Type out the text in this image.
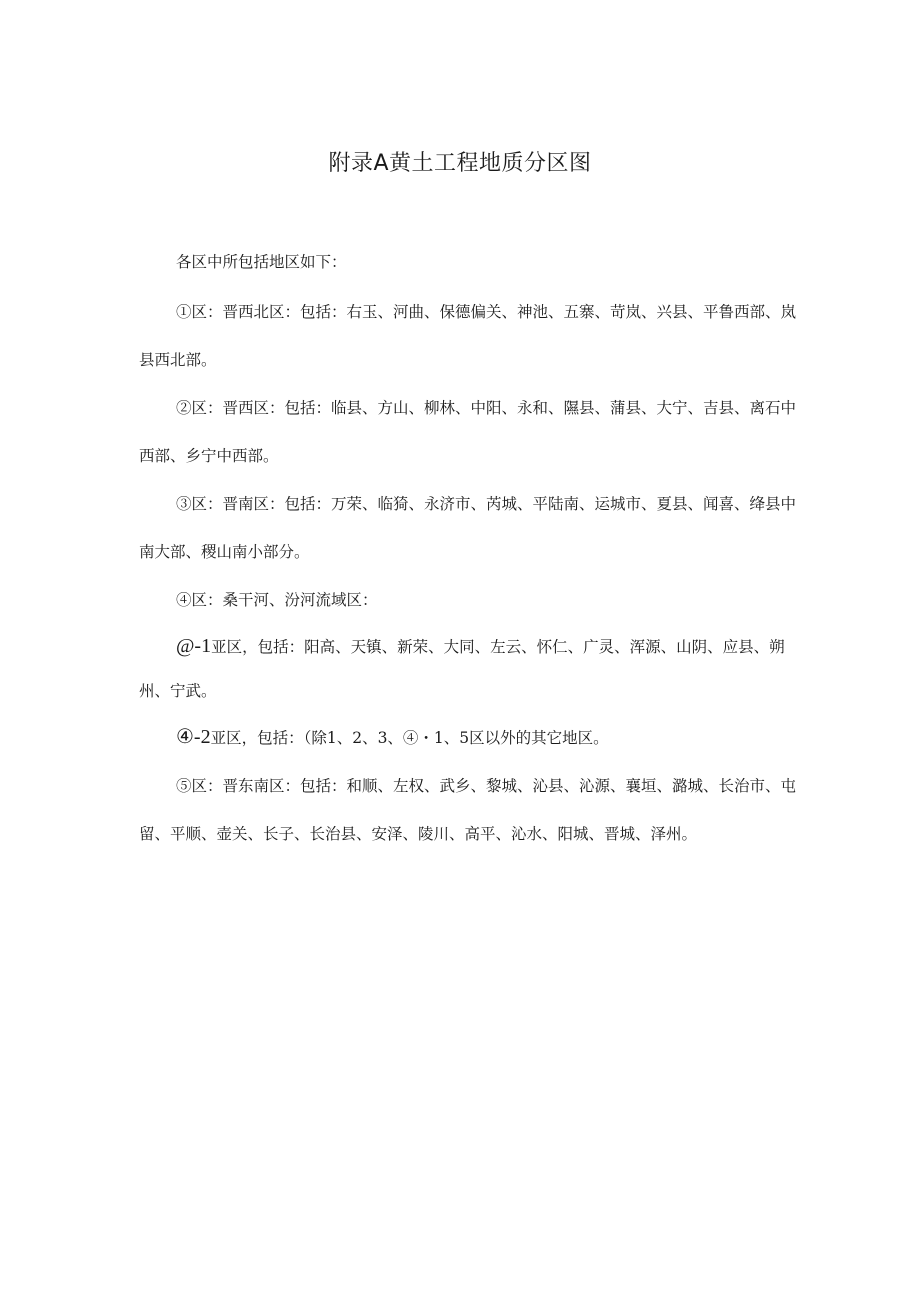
附录A黄土工程地质分区图

各区中所包括地区如下：

①区：晋西北区：包括：右玉、河曲、保德偏关、神池、五寨、苛岚、兴县、平鲁西部、岚县西北部。

②区：晋西区：包括：临县、方山、柳林、中阳、永和、隰县、蒲县、大宁、吉县、离石中西部、乡宁中西部。

③区：晋南区：包括：万荣、临猗、永济市、芮城、平陆南、运城市、夏县、闻喜、绛县中南大部、稷山南小部分。

④区：桑干河、汾河流域区：

@-1亚区，包括：阳高、天镇、新荣、大同、左云、怀仁、广灵、浑源、山阴、应县、朔州、宁武。

④-2亚区，包括：（除1、2、3、④・1、5区以外的其它地区。

⑤区：晋东南区：包括：和顺、左权、武乡、黎城、沁县、沁源、襄垣、潞城、长治市、屯留、平顺、壶关、长子、长治县、安泽、陵川、高平、沁水、阳城、晋城、泽州。
